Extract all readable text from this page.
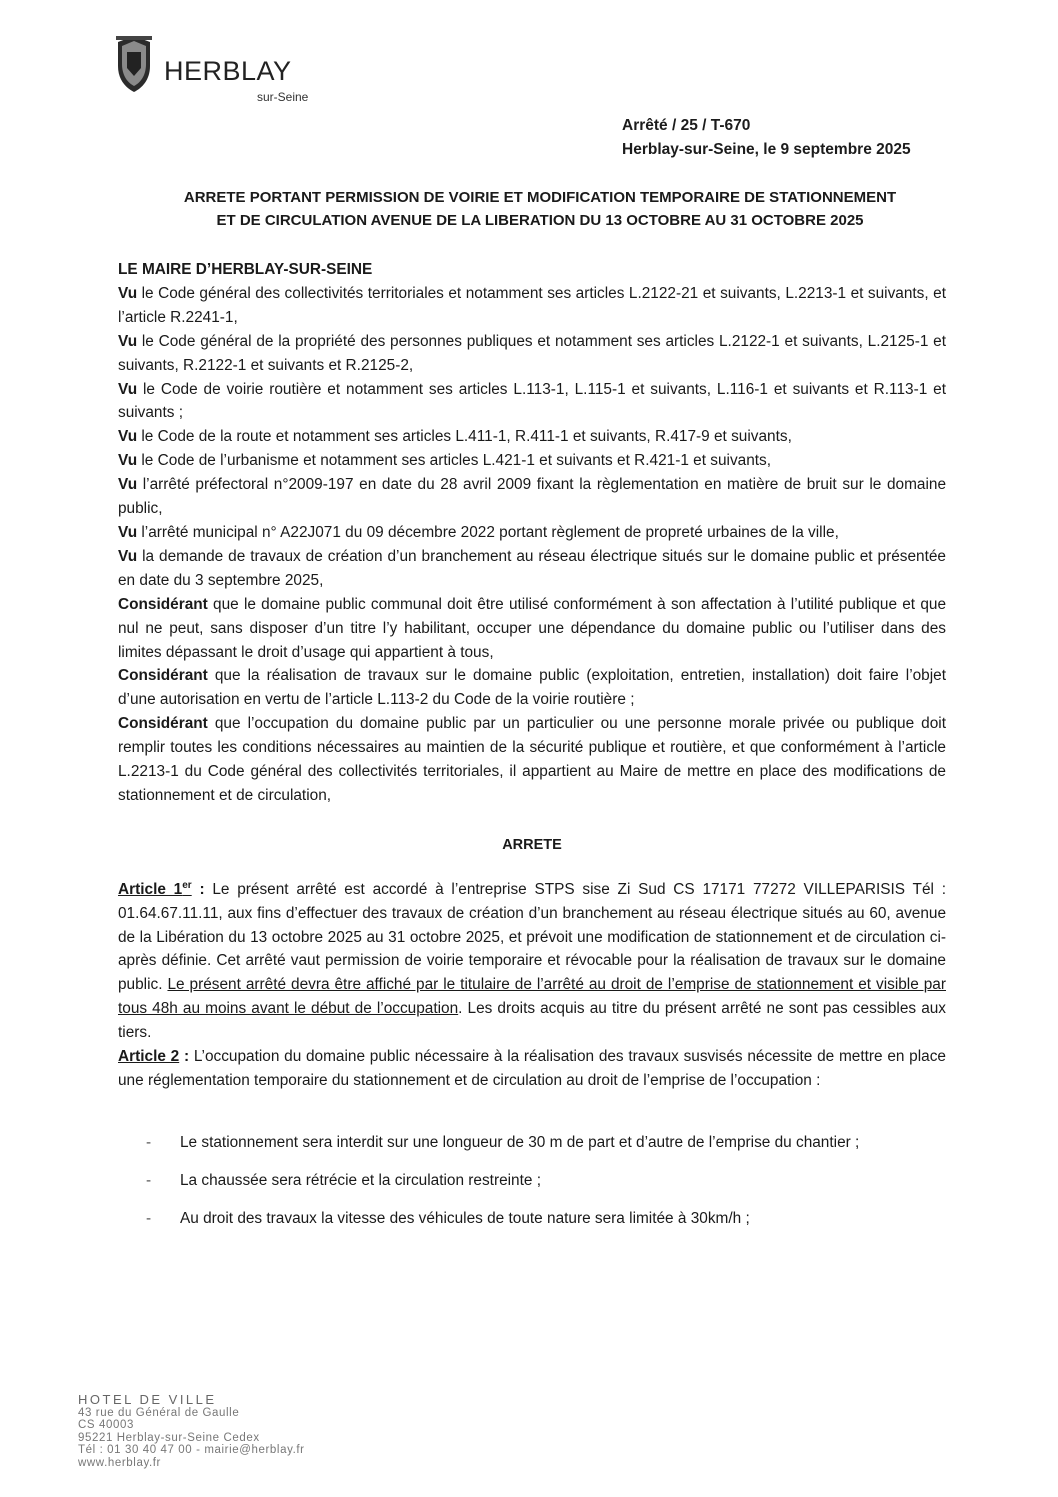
HERBLAY
sur-Seine
Arrêté / 25 / T-670
Herblay-sur-Seine, le 9 septembre 2025
ARRETE PORTANT PERMISSION DE VOIRIE ET MODIFICATION TEMPORAIRE DE STATIONNEMENT
ET DE CIRCULATION AVENUE DE LA LIBERATION DU 13 OCTOBRE AU 31 OCTOBRE 2025

LE MAIRE D’HERBLAY-SUR-SEINE

Vu le Code général des collectivités territoriales et notamment ses articles L.2122-21 et suivants, L.2213-1 et suivants, et l’article R.2241-1,

Vu le Code général de la propriété des personnes publiques et notamment ses articles L.2122-1 et suivants, L.2125-1 et suivants, R.2122-1 et suivants et R.2125-2,

Vu le Code de voirie routière et notamment ses articles L.113-1, L.115-1 et suivants, L.116-1 et suivants et R.113-1 et suivants ;

Vu le Code de la route et notamment ses articles L.411-1, R.411-1 et suivants, R.417-9 et suivants,

Vu le Code de l’urbanisme et notamment ses articles L.421-1 et suivants et R.421-1 et suivants,

Vu l’arrêté préfectoral n°2009-197 en date du 28 avril 2009 fixant la règlementation en matière de bruit sur le domaine public,

Vu l’arrêté municipal n° A22J071 du 09 décembre 2022 portant règlement de propreté urbaines de la ville,

Vu la demande de travaux de création d’un branchement au réseau électrique situés sur le domaine public et présentée en date du 3 septembre 2025,

Considérant que le domaine public communal doit être utilisé conformément à son affectation à l’utilité publique et que nul ne peut, sans disposer d’un titre l’y habilitant, occuper une dépendance du domaine public ou l’utiliser dans des limites dépassant le droit d’usage qui appartient à tous,

Considérant que la réalisation de travaux sur le domaine public (exploitation, entretien, installation) doit faire l’objet d’une autorisation en vertu de l’article L.113-2 du Code de la voirie routière ;

Considérant que l’occupation du domaine public par un particulier ou une personne morale privée ou publique doit remplir toutes les conditions nécessaires au maintien de la sécurité publique et routière, et que conformément à l’article L.2213-1 du Code général des collectivités territoriales, il appartient au Maire de mettre en place des modifications de stationnement et de circulation,

ARRETE

Article 1er : Le présent arrêté est accordé à l’entreprise STPS sise Zi Sud CS 17171 77272 VILLEPARISIS Tél : 01.64.67.11.11, aux fins d’effectuer des travaux de création d’un branchement au réseau électrique situés au 60, avenue de la Libération du 13 octobre 2025 au 31 octobre 2025, et prévoit une modification de stationnement et de circulation ci-après définie. Cet arrêté vaut permission de voirie temporaire et révocable pour la réalisation de travaux sur le domaine public. Le présent arrêté devra être affiché par le titulaire de l’arrêté au droit de l’emprise de stationnement et visible par tous 48h au moins avant le début de l’occupation. Les droits acquis au titre du présent arrêté ne sont pas cessibles aux tiers.

Article 2 : L’occupation du domaine public nécessaire à la réalisation des travaux susvisés nécessite de mettre en place une réglementation temporaire du stationnement et de circulation au droit de l’emprise de l’occupation :

- Le stationnement sera interdit sur une longueur de 30 m de part et d’autre de l’emprise du chantier ;
- La chaussée sera rétrécie et la circulation restreinte ;
- Au droit des travaux la vitesse des véhicules de toute nature sera limitée à 30km/h ;
HOTEL DE VILLE
43 rue du Général de Gaulle
CS 40003
95221 Herblay-sur-Seine Cedex
Tél : 01 30 40 47 00 - mairie@herblay.fr
www.herblay.fr
